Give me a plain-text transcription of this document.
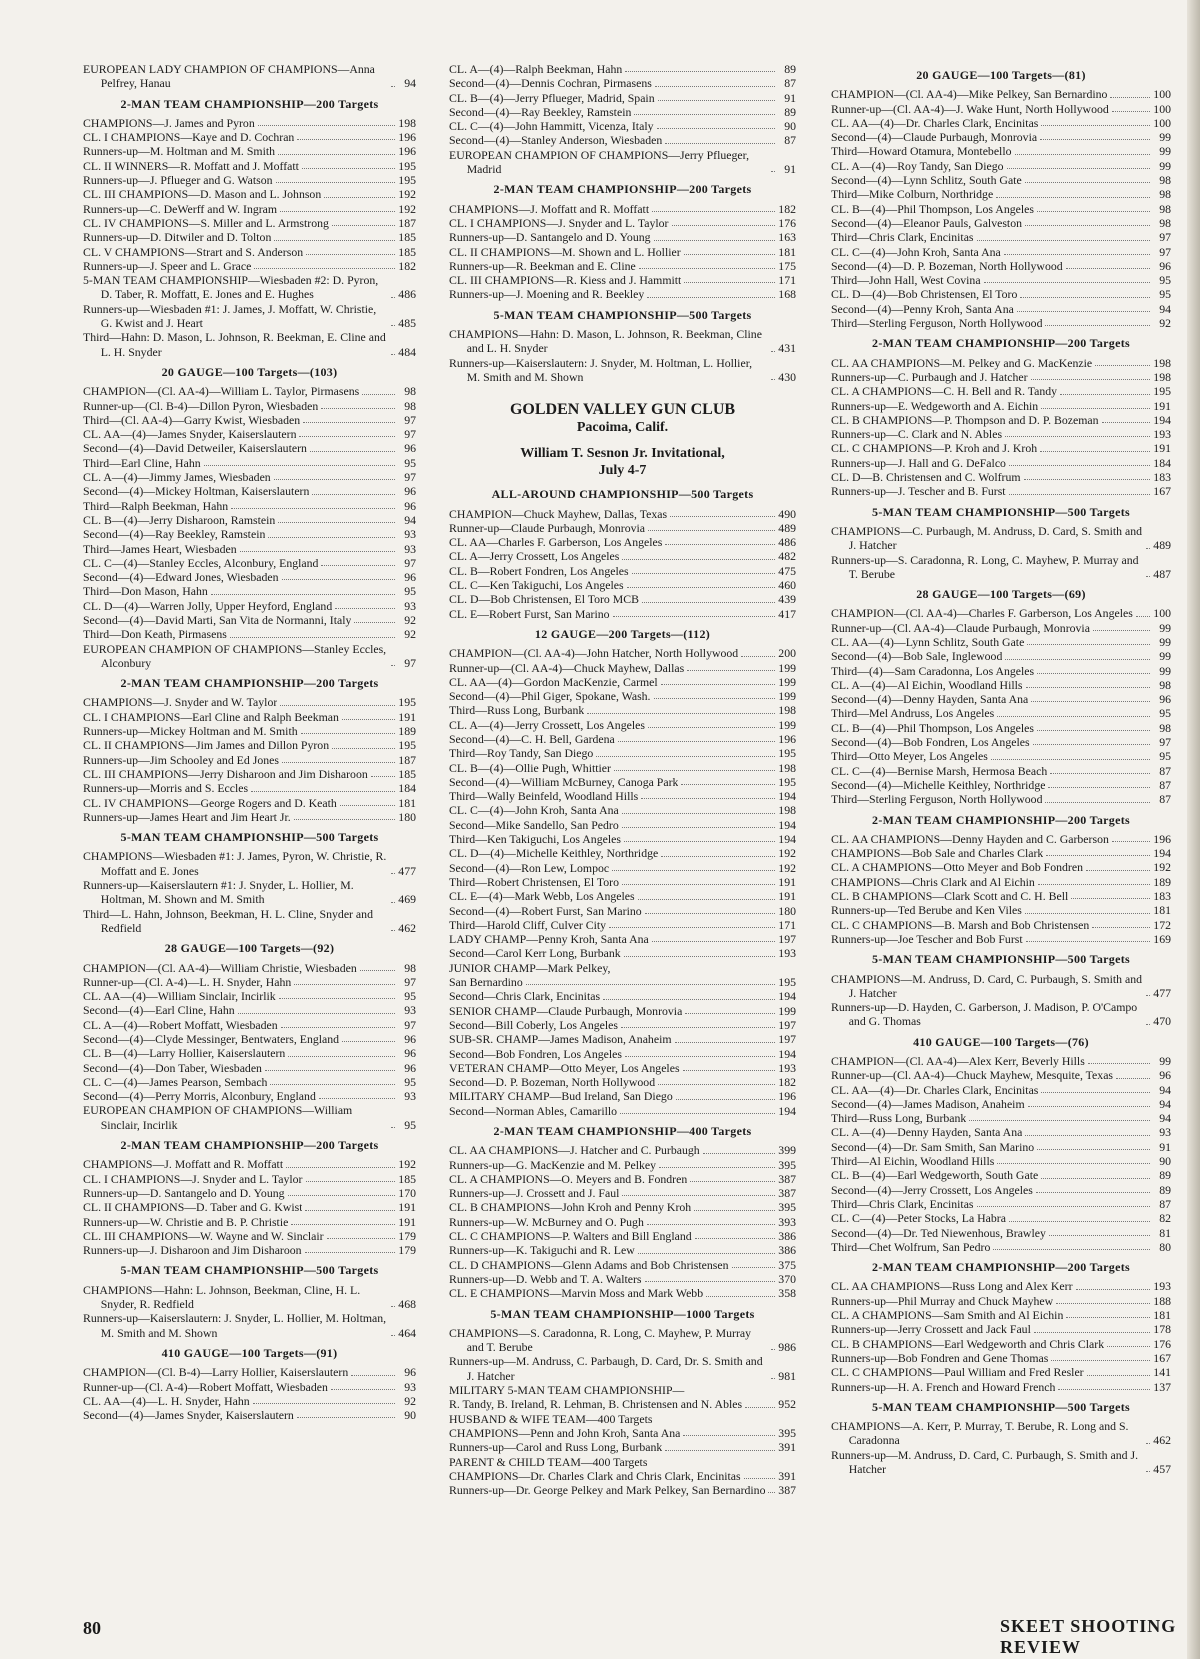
EUROPEAN LADY CHAMPION OF CHAMPIONS—Anna Pelfrey, Hanau	94
2-MAN TEAM CHAMPIONSHIP—200 Targets
CHAMPIONS—J. James and Pyron	198
CL. I CHAMPIONS—Kaye and D. Cochran	196
Runners-up—M. Holtman and M. Smith	196
CL. II WINNERS—R. Moffatt and J. Moffatt	195
Runners-up—J. Pflueger and G. Watson	195
CL. III CHAMPIONS—D. Mason and L. Johnson	192
Runners-up—C. DeWerff and W. Ingram	192
CL. IV CHAMPIONS—S. Miller and L. Armstrong	187
Runners-up—D. Ditwiler and D. Tolton	185
CL. V CHAMPIONS—Strart and S. Anderson	185
Runners-up—J. Speer and L. Grace	182
5-MAN TEAM CHAMPIONSHIP—Wiesbaden #2: D. Pyron, D. Taber, R. Moffatt, E. Jones and E. Hughes	486
Runners-up—Wiesbaden #1: J. James, J. Moffatt, W. Christie, G. Kwist and J. Heart	485
Third—Hahn: D. Mason, L. Johnson, R. Beekman, E. Cline and L. H. Snyder	484
20 GAUGE—100 Targets—(103)
CHAMPION—(Cl. AA-4)—William L. Taylor, Pirmasens	98
Runner-up—(Cl. B-4)—Dillon Pyron, Wiesbaden	98
Third—(Cl. AA-4)—Garry Kwist, Wiesbaden	97
CL. AA—(4)—James Snyder, Kaiserslautern	97
Second—(4)—David Detweiler, Kaiserslautern	96
Third—Earl Cline, Hahn	95
CL. A—(4)—Jimmy James, Wiesbaden	97
Second—(4)—Mickey Holtman, Kaiserslautern	96
Third—Ralph Beekman, Hahn	96
CL. B—(4)—Jerry Disharoon, Ramstein	94
Second—(4)—Ray Beekley, Ramstein	93
Third—James Heart, Wiesbaden	93
CL. C—(4)—Stanley Eccles, Alconbury, England	97
Second—(4)—Edward Jones, Wiesbaden	96
Third—Don Mason, Hahn	95
CL. D—(4)—Warren Jolly, Upper Heyford, England	93
Second—(4)—David Marti, San Vita de Normanni, Italy	92
Third—Don Keath, Pirmasens	92
EUROPEAN CHAMPION OF CHAMPIONS—Stanley Eccles, Alconbury	97
2-MAN TEAM CHAMPIONSHIP—200 Targets
CHAMPIONS—J. Snyder and W. Taylor	195
CL. I CHAMPIONS—Earl Cline and Ralph Beekman	191
Runners-up—Mickey Holtman and M. Smith	189
CL. II CHAMPIONS—Jim James and Dillon Pyron	195
Runners-up—Jim Schooley and Ed Jones	187
CL. III CHAMPIONS—Jerry Disharoon and Jim Disharoon	185
Runners-up—Morris and S. Eccles	184
CL. IV CHAMPIONS—George Rogers and D. Keath	181
Runners-up—James Heart and Jim Heart Jr.	180
5-MAN TEAM CHAMPIONSHIP—500 Targets
CHAMPIONS—Wiesbaden #1: J. James, Pyron, W. Christie, R. Moffatt and E. Jones	477
Runners-up—Kaiserslautern #1: J. Snyder, L. Hollier, M. Holtman, M. Shown and M. Smith	469
Third—L. Hahn, Johnson, Beekman, H. L. Cline, Snyder and Redfield	462
28 GAUGE—100 Targets—(92)
CHAMPION—(Cl. AA-4)—William Christie, Wiesbaden	98
Runner-up—(Cl. A-4)—L. H. Snyder, Hahn	97
CL. AA—(4)—William Sinclair, Incirlik	95
Second—(4)—Earl Cline, Hahn	93
CL. A—(4)—Robert Moffatt, Wiesbaden	97
Second—(4)—Clyde Messinger, Bentwaters, England	96
CL. B—(4)—Larry Hollier, Kaiserslautern	96
Second—(4)—Don Taber, Wiesbaden	96
CL. C—(4)—James Pearson, Sembach	95
Second—(4)—Perry Morris, Alconbury, England	93
EUROPEAN CHAMPION OF CHAMPIONS—William Sinclair, Incirlik	95
2-MAN TEAM CHAMPIONSHIP—200 Targets
CHAMPIONS—J. Moffatt and R. Moffatt	192
CL. I CHAMPIONS—J. Snyder and L. Taylor	185
Runners-up—D. Santangelo and D. Young	170
CL. II CHAMPIONS—D. Taber and G. Kwist	191
Runners-up—W. Christie and B. P. Christie	191
CL. III CHAMPIONS—W. Wayne and W. Sinclair	179
Runners-up—J. Disharoon and Jim Disharoon	179
5-MAN TEAM CHAMPIONSHIP—500 Targets
CHAMPIONS—Hahn: L. Johnson, Beekman, Cline, H. L. Snyder, R. Redfield	468
Runners-up—Kaiserslautern: J. Snyder, L. Hollier, M. Holtman, M. Smith and M. Shown	464
410 GAUGE—100 Targets—(91)
CHAMPION—(Cl. B-4)—Larry Hollier, Kaiserslautern	96
Runner-up—(Cl. A-4)—Robert Moffatt, Wiesbaden	93
CL. AA—(4)—L. H. Snyder, Hahn	92
Second—(4)—James Snyder, Kaiserslautern	90
CL. A—(4)—Ralph Beekman, Hahn	89
Second—(4)—Dennis Cochran, Pirmasens	87
CL. B—(4)—Jerry Pflueger, Madrid, Spain	91
Second—(4)—Ray Beekley, Ramstein	89
CL. C—(4)—John Hammitt, Vicenza, Italy	90
Second—(4)—Stanley Anderson, Wiesbaden	87
EUROPEAN CHAMPION OF CHAMPIONS—Jerry Pflueger, Madrid	91
2-MAN TEAM CHAMPIONSHIP—200 Targets
CHAMPIONS—J. Moffatt and R. Moffatt	182
CL. I CHAMPIONS—J. Snyder and L. Taylor	176
Runners-up—D. Santangelo and D. Young	163
CL. II CHAMPIONS—M. Shown and L. Hollier	181
Runners-up—R. Beekman and E. Cline	175
CL. III CHAMPIONS—R. Kiess and J. Hammitt	171
Runners-up—J. Moening and R. Beekley	168
5-MAN TEAM CHAMPIONSHIP—500 Targets
CHAMPIONS—Hahn: D. Mason, L. Johnson, R. Beekman, Cline and L. H. Snyder	431
Runners-up—Kaiserslautern: J. Snyder, M. Holtman, L. Hollier, M. Smith and M. Shown	430
GOLDEN VALLEY GUN CLUB
Pacoima, Calif.
William T. Sesnon Jr. Invitational,
July 4-7
ALL-AROUND CHAMPIONSHIP—500 Targets
CHAMPION—Chuck Mayhew, Dallas, Texas	490
Runner-up—Claude Purbaugh, Monrovia	489
CL. AA—Charles F. Garberson, Los Angeles	486
CL. A—Jerry Crossett, Los Angeles	482
CL. B—Robert Fondren, Los Angeles	475
CL. C—Ken Takiguchi, Los Angeles	460
CL. D—Bob Christensen, El Toro MCB	439
CL. E—Robert Furst, San Marino	417
12 GAUGE—200 Targets—(112)
CHAMPION—(Cl. AA-4)—John Hatcher, North Hollywood	200
Runner-up—(Cl. AA-4)—Chuck Mayhew, Dallas	199
CL. AA—(4)—Gordon MacKenzie, Carmel	199
Second—(4)—Phil Giger, Spokane, Wash.	199
Third—Russ Long, Burbank	198
CL. A—(4)—Jerry Crossett, Los Angeles	199
Second—(4)—C. H. Bell, Gardena	196
Third—Roy Tandy, San Diego	195
CL. B—(4)—Ollie Pugh, Whittier	198
Second—(4)—William McBurney, Canoga Park	195
Third—Wally Beinfeld, Woodland Hills	194
CL. C—(4)—John Kroh, Santa Ana	198
Second—Mike Sandello, San Pedro	194
Third—Ken Takiguchi, Los Angeles	194
CL. D—(4)—Michelle Keithley, Northridge	192
Second—(4)—Ron Lew, Lompoc	192
Third—Robert Christensen, El Toro	191
CL. E—(4)—Mark Webb, Los Angeles	191
Second—(4)—Robert Furst, San Marino	180
Third—Harold Cliff, Culver City	171
LADY CHAMP—Penny Kroh, Santa Ana	197
Second—Carol Kerr Long, Burbank	193
JUNIOR CHAMP—Mark Pelkey,
San Bernardino	195
Second—Chris Clark, Encinitas	194
SENIOR CHAMP—Claude Purbaugh, Monrovia	199
Second—Bill Coberly, Los Angeles	197
SUB-SR. CHAMP—James Madison, Anaheim	197
Second—Bob Fondren, Los Angeles	194
VETERAN CHAMP—Otto Meyer, Los Angeles	193
Second—D. P. Bozeman, North Hollywood	182
MILITARY CHAMP—Bud Ireland, San Diego	196
Second—Norman Ables, Camarillo	194
2-MAN TEAM CHAMPIONSHIP—400 Targets
CL. AA CHAMPIONS—J. Hatcher and C. Purbaugh	399
Runners-up—G. MacKenzie and M. Pelkey	395
CL. A CHAMPIONS—O. Meyers and B. Fondren	387
Runners-up—J. Crossett and J. Faul	387
CL. B CHAMPIONS—John Kroh and Penny Kroh	395
Runners-up—W. McBurney and O. Pugh	393
CL. C CHAMPIONS—P. Walters and Bill England	386
Runners-up—K. Takiguchi and R. Lew	386
CL. D CHAMPIONS—Glenn Adams and Bob Christensen	375
Runners-up—D. Webb and T. A. Walters	370
CL. E CHAMPIONS—Marvin Moss and Mark Webb	358
5-MAN TEAM CHAMPIONSHIP—1000 Targets
CHAMPIONS—S. Caradonna, R. Long, C. Mayhew, P. Murray and T. Berube	986
Runners-up—M. Andruss, C. Parbaugh, D. Card, Dr. S. Smith and J. Hatcher	981
MILITARY 5-MAN TEAM CHAMPIONSHIP—
R. Tandy, B. Ireland, R. Lehman, B. Christensen and N. Ables	952
HUSBAND & WIFE TEAM—400 Targets
CHAMPIONS—Penn and John Kroh, Santa Ana	395
Runners-up—Carol and Russ Long, Burbank	391
PARENT & CHILD TEAM—400 Targets
CHAMPIONS—Dr. Charles Clark and Chris Clark, Encinitas	391
Runners-up—Dr. George Pelkey and Mark Pelkey, San Bernardino 387
20 GAUGE—100 Targets—(81)
CHAMPION—(Cl. AA-4)—Mike Pelkey, San Bernardino	100
Runner-up—(Cl. AA-4)—J. Wake Hunt, North Hollywood	100
CL. AA—(4)—Dr. Charles Clark, Encinitas	100
Second—(4)—Claude Purbaugh, Monrovia	99
Third—Howard Otamura, Montebello	99
CL. A—(4)—Roy Tandy, San Diego	99
Second—(4)—Lynn Schlitz, South Gate	98
Third—Mike Colburn, Northridge	98
CL. B—(4)—Phil Thompson, Los Angeles	98
Second—(4)—Eleanor Pauls, Galveston	98
Third—Chris Clark, Encinitas	97
CL. C—(4)—John Kroh, Santa Ana	97
Second—(4)—D. P. Bozeman, North Hollywood	96
Third—John Hall, West Covina	95
CL. D—(4)—Bob Christensen, El Toro	95
Second—(4)—Penny Kroh, Santa Ana	94
Third—Sterling Ferguson, North Hollywood	92
2-MAN TEAM CHAMPIONSHIP—200 Targets
CL. AA CHAMPIONS—M. Pelkey and G. MacKenzie	198
Runners-up—C. Purbaugh and J. Hatcher	198
CL. A CHAMPIONS—C. H. Bell and R. Tandy	195
Runners-up—E. Wedgeworth and A. Eichin	191
CL. B CHAMPIONS—P. Thompson and D. P. Bozeman	194
Runners-up—C. Clark and N. Ables	193
CL. C CHAMPIONS—P. Kroh and J. Kroh	191
Runners-up—J. Hall and G. DeFalco	184
CL. D—B. Christensen and C. Wolfrum	183
Runners-up—J. Tescher and B. Furst	167
5-MAN TEAM CHAMPIONSHIP—500 Targets
CHAMPIONS—C. Purbaugh, M. Andruss, D. Card, S. Smith and J. Hatcher	489
Runners-up—S. Caradonna, R. Long, C. Mayhew, P. Murray and T. Berube	487
28 GAUGE—100 Targets—(69)
CHAMPION—(Cl. AA-4)—Charles F. Garberson, Los Angeles 100
Runner-up—(Cl. AA-4)—Claude Purbaugh, Monrovia	99
CL. AA—(4)—Lynn Schlitz, South Gate	99
Second—(4)—Bob Sale, Inglewood	99
Third—(4)—Sam Caradonna, Los Angeles	99
CL. A—(4)—Al Eichin, Woodland Hills	98
Second—(4)—Denny Hayden, Santa Ana	96
Third—Mel Andruss, Los Angeles	95
CL. B—(4)—Phil Thompson, Los Angeles	98
Second—(4)—Bob Fondren, Los Angeles	97
Third—Otto Meyer, Los Angeles	95
CL. C—(4)—Bernise Marsh, Hermosa Beach	87
Second—(4)—Michelle Keithley, Northridge	87
Third—Sterling Ferguson, North Hollywood	87
2-MAN TEAM CHAMPIONSHIP—200 Targets
CL. AA CHAMPIONS—Denny Hayden and C. Garberson	196
CHAMPIONS—Bob Sale and Charles Clark	194
CL. A CHAMPIONS—Otto Meyer and Bob Fondren	192
CHAMPIONS—Chris Clark and Al Eichin	189
CL. B CHAMPIONS—Clark Scott and C. H. Bell	183
Runners-up—Ted Berube and Ken Viles	181
CL. C CHAMPIONS—B. Marsh and Bob Christensen	172
Runners-up—Joe Tescher and Bob Furst	169
5-MAN TEAM CHAMPIONSHIP—500 Targets
CHAMPIONS—M. Andruss, D. Card, C. Purbaugh, S. Smith and J. Hatcher	477
Runners-up—D. Hayden, C. Garberson, J. Madison, P. O'Campo and G. Thomas	470
410 GAUGE—100 Targets—(76)
CHAMPION—(Cl. AA-4)—Alex Kerr, Beverly Hills	99
Runner-up—(Cl. AA-4)—Chuck Mayhew, Mesquite, Texas	96
CL. AA—(4)—Dr. Charles Clark, Encinitas	94
Second—(4)—James Madison, Anaheim	94
Third—Russ Long, Burbank	94
CL. A—(4)—Denny Hayden, Santa Ana	93
Second—(4)—Dr. Sam Smith, San Marino	91
Third—Al Eichin, Woodland Hills	90
CL. B—(4)—Earl Wedgeworth, South Gate	89
Second—(4)—Jerry Crossett, Los Angeles	89
Third—Chris Clark, Encinitas	87
CL. C—(4)—Peter Stocks, La Habra	82
Second—(4)—Dr. Ted Niewenhous, Brawley	81
Third—Chet Wolfrum, San Pedro	80
2-MAN TEAM CHAMPIONSHIP—200 Targets
CL. AA CHAMPIONS—Russ Long and Alex Kerr	193
Runners-up—Phil Murray and Chuck Mayhew	188
CL. A CHAMPIONS—Sam Smith and Al Eichin	181
Runners-up—Jerry Crossett and Jack Faul	178
CL. B CHAMPIONS—Earl Wedgeworth and Chris Clark	176
Runners-up—Bob Fondren and Gene Thomas	167
CL. C CHAMPIONS—Paul William and Fred Resler	141
Runners-up—H. A. French and Howard French	137
5-MAN TEAM CHAMPIONSHIP—500 Targets
CHAMPIONS—A. Kerr, P. Murray, T. Berube, R. Long and S. Caradonna	462
Runners-up—M. Andruss, D. Card, C. Purbaugh, S. Smith and J. Hatcher	457
80	SKEET SHOOTING REVIEW
